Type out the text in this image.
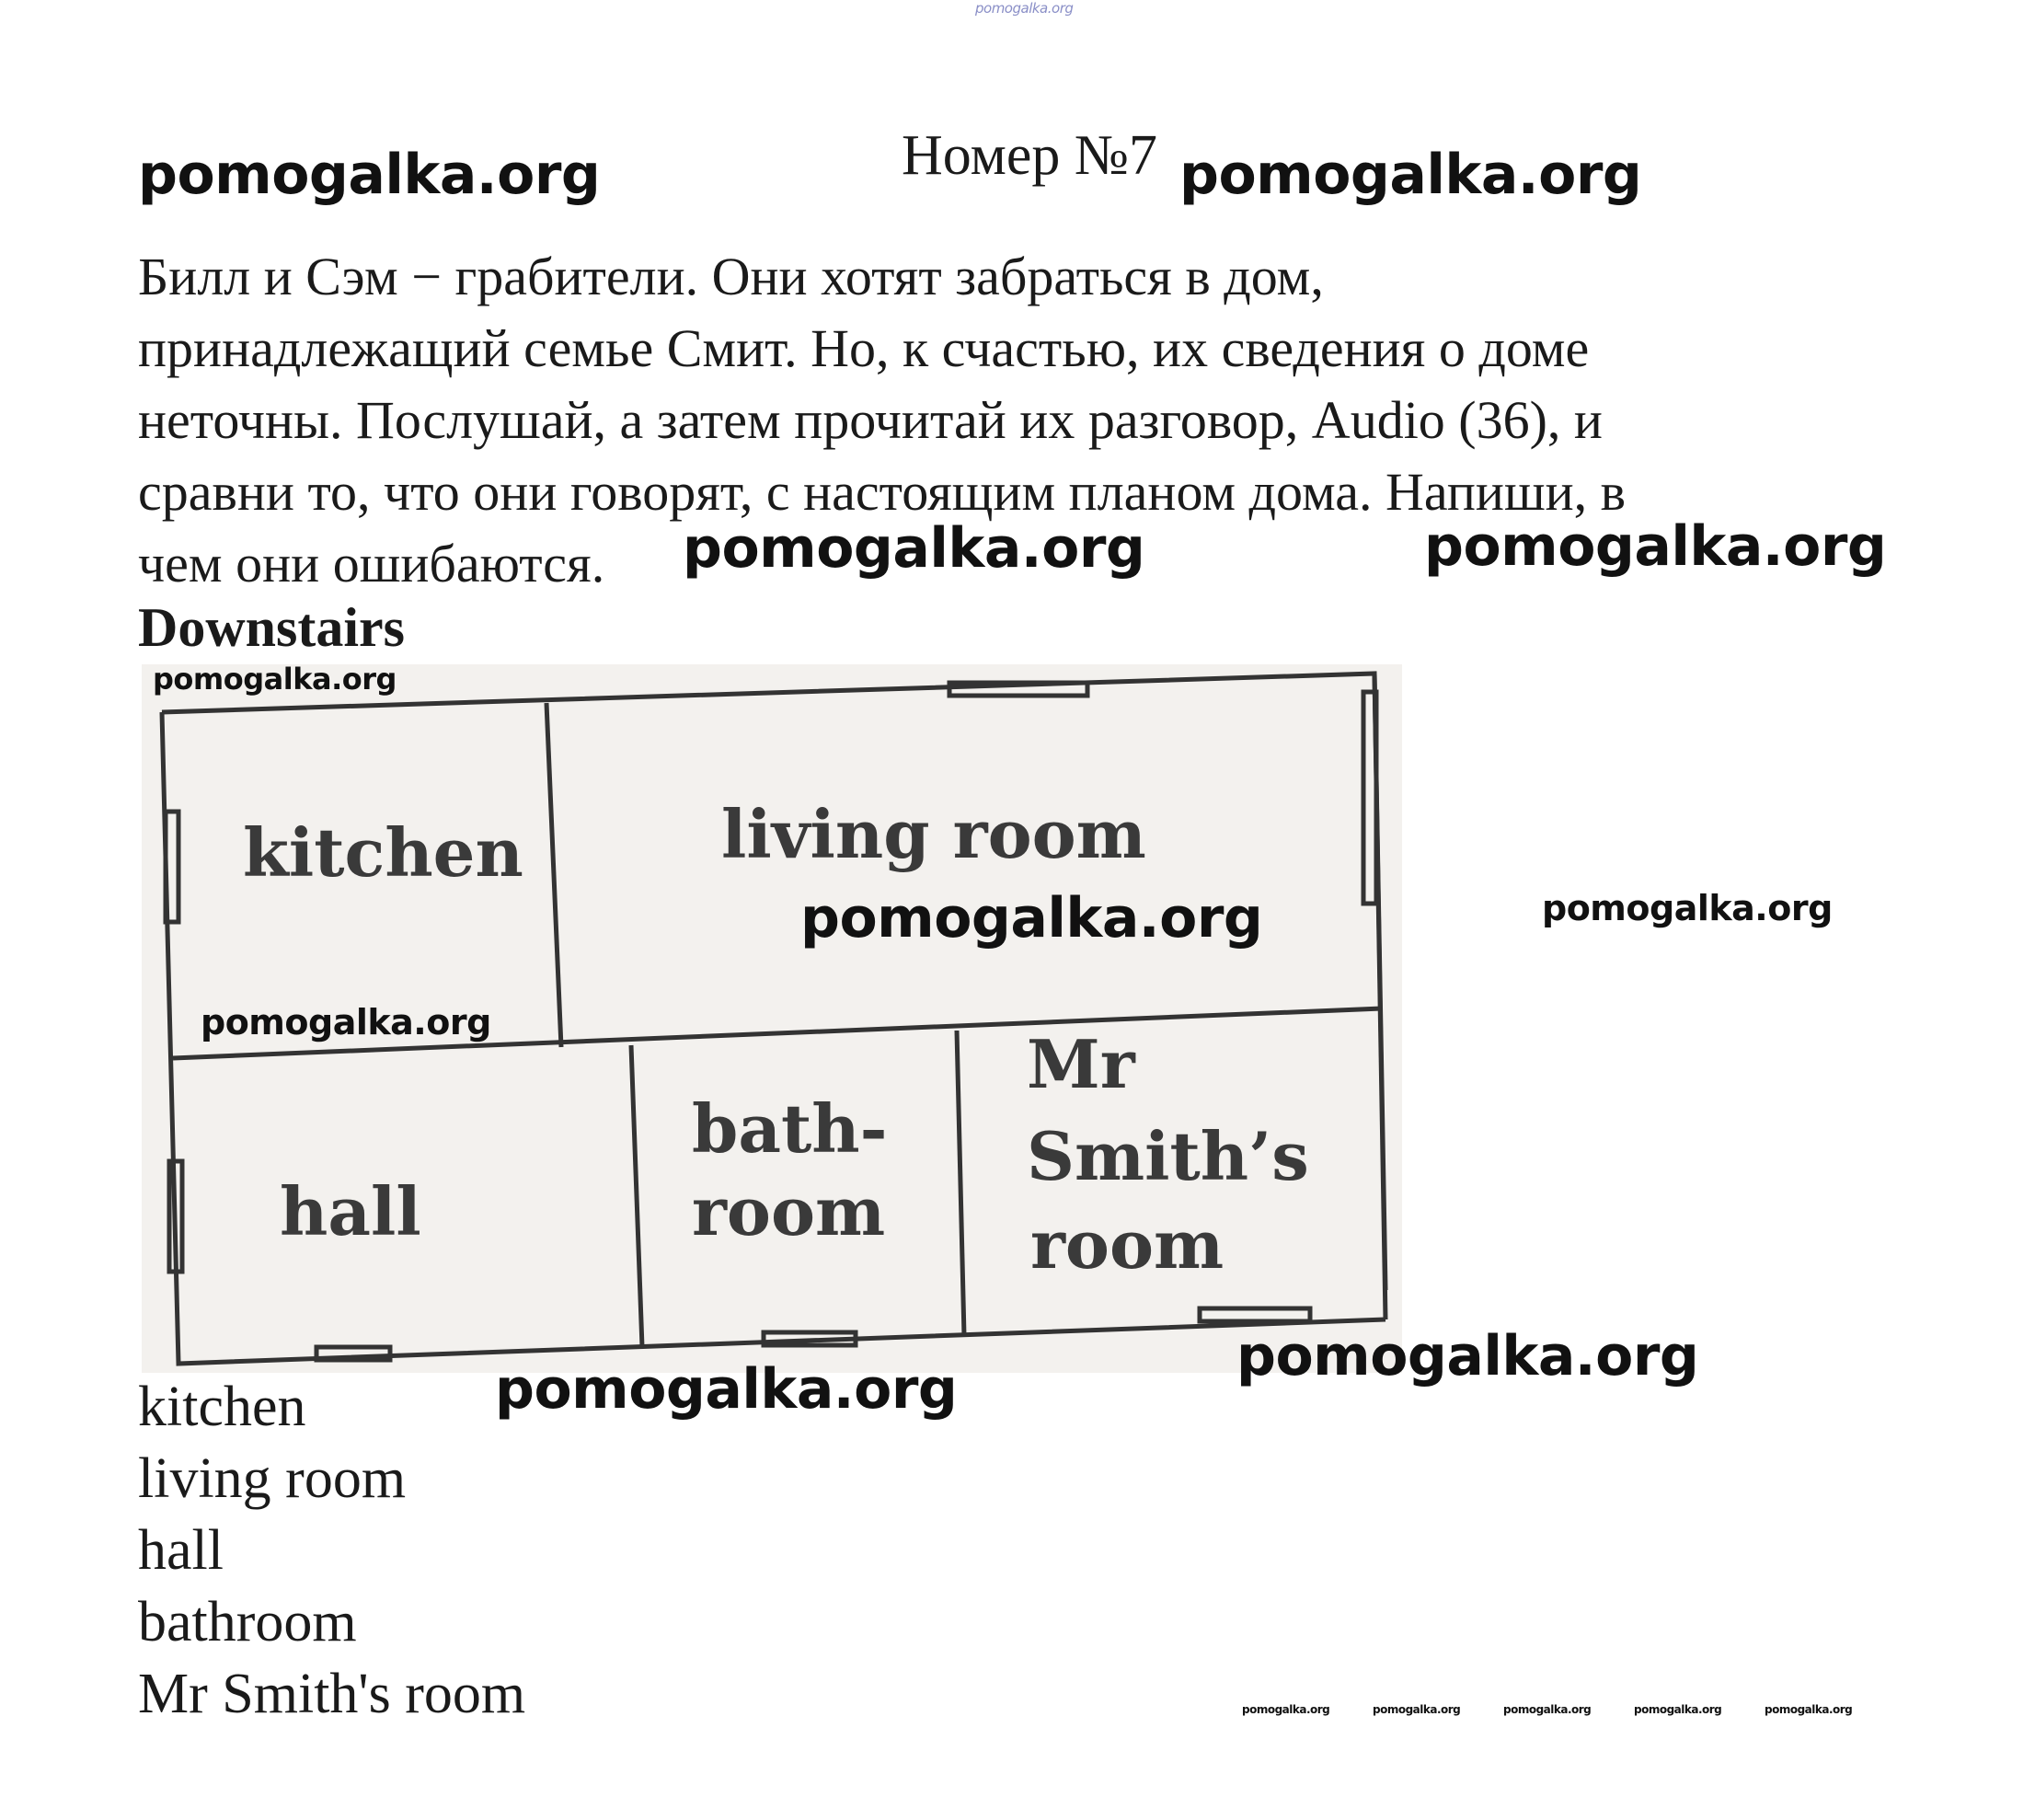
pomogalka.org
pomogalka.org	pomogalka.org
pomogalka.org	pomogalka.org
Номер №7
Билл и Сэм − грабители. Они хотят забраться в дом,
принадлежащий семье Смит. Но, к счастью, их сведения о доме
неточны. Послушай, а затем прочитай их разговор, Audio (36), и
сравни то, что они говорят, с настоящим планом дома. Напиши, в
чем они ошибаются.
Downstairs
kitchen	living room
hall
bath-
room
Mr
Smith’s
room
pomogalka.org
pomogalka.org	pomogalka.org
pomogalka.org
pomogalka.org
pomogalka.org
kitchen
living room
hall
bathroom
Mr Smith's room	pomogalka.org	pomogalka.org	pomogalka.org	pomogalka.org	pomogalka.org
